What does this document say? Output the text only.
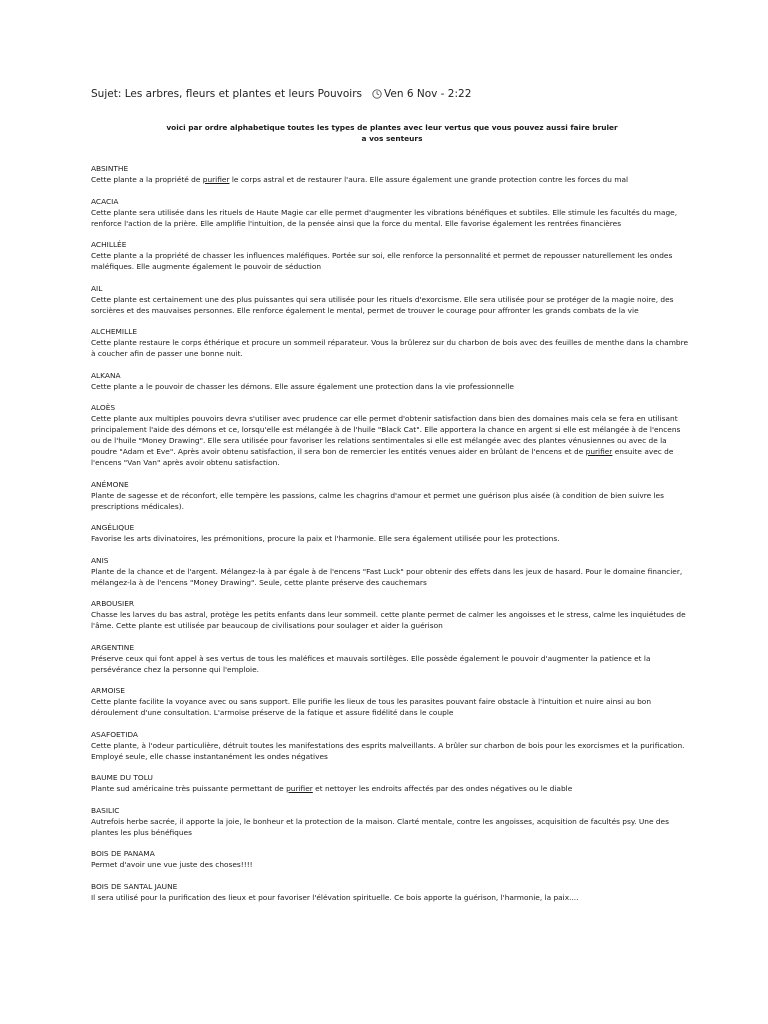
Sujet: Les arbres, fleurs et plantes et leurs Pouvoirs Ven 6 Nov - 2:22
voici par ordre alphabetique toutes les types de plantes avec leur vertus que vous pouvez aussi faire bruler
a vos senteurs
ABSINTHE
Cette plante a la propriété de purifier le corps astral et de restaurer l'aura. Elle assure également une grande protection contre les forces du mal
ACACIA
Cette plante sera utilisée dans les rituels de Haute Magie car elle permet d'augmenter les vibrations bénéfiques et subtiles. Elle stimule les facultés du mage, renforce l'action de la prière. Elle amplifie l'intuition, de la pensée ainsi que la force du mental. Elle favorise également les rentrées financières
ACHILLÉE
Cette plante a la propriété de chasser les influences maléfiques. Portée sur soi, elle renforce la personnalité et permet de repousser naturellement les ondes maléfiques. Elle augmente également le pouvoir de séduction
AIL
Cette plante est certainement une des plus puissantes qui sera utilisée pour les rituels d'exorcisme. Elle sera utilisée pour se protéger de la magie noire, des sorcières et des mauvaises personnes. Elle renforce également le mental, permet de trouver le courage pour affronter les grands combats de la vie
ALCHEMILLE
Cette plante restaure le corps éthérique et procure un sommeil réparateur. Vous la brûlerez sur du charbon de bois avec des feuilles de menthe dans la chambre à coucher afin de passer une bonne nuit.
ALKANA
Cette plante a le pouvoir de chasser les démons. Elle assure également une protection dans la vie professionnelle
ALOÈS
Cette plante aux multiples pouvoirs devra s'utiliser avec prudence car elle permet d'obtenir satisfaction dans bien des domaines mais cela se fera en utilisant principalement l'aide des démons et ce, lorsqu'elle est mélangée à de l'huile "Black Cat". Elle apportera la chance en argent si elle est mélangée à de l'encens ou de l'huile "Money Drawing". Elle sera utilisée pour favoriser les relations sentimentales si elle est mélangée avec des plantes vénusiennes ou avec de la poudre "Adam et Eve". Après avoir obtenu satisfaction, il sera bon de remercier les entités venues aider en brûlant de l'encens et de purifier ensuite avec de l'encens "Van Van" après avoir obtenu satisfaction.
ANÉMONE
Plante de sagesse et de réconfort, elle tempère les passions, calme les chagrins d'amour et permet une guérison plus aisée (à condition de bien suivre les prescriptions médicales).
ANGÉLIQUE
Favorise les arts divinatoires, les prémonitions, procure la paix et l'harmonie. Elle sera également utilisée pour les protections.
ANIS
Plante de la chance et de l'argent. Mélangez-la à par égale à de l'encens "Fast Luck" pour obtenir des effets dans les jeux de hasard. Pour le domaine financier, mélangez-la à de l'encens "Money Drawing". Seule, cette plante préserve des cauchemars
ARBOUSIER
Chasse les larves du bas astral, protège les petits enfants dans leur sommeil. cette plante permet de calmer les angoisses et le stress, calme les inquiétudes de l'âme. Cette plante est utilisée par beaucoup de civilisations pour soulager et aider la guérison
ARGENTINE
Préserve ceux qui font appel à ses vertus de tous les maléfices et mauvais sortilèges. Elle possède également le pouvoir d'augmenter la patience et la persévérance chez la personne qui l'emploie.
ARMOISE
Cette plante facilite la voyance avec ou sans support. Elle purifie les lieux de tous les parasites pouvant faire obstacle à l'intuition et nuire ainsi au bon déroulement d'une consultation. L'armoise préserve de la fatique et assure fidélité dans le couple
ASAFOETIDA
Cette plante, à l'odeur particulière, détruit toutes les manifestations des esprits malveillants. A brûler sur charbon de bois pour les exorcismes et la purification. Employé seule, elle chasse instantanément les ondes négatives
BAUME DU TOLU
Plante sud américaine très puissante permettant de purifier et nettoyer les endroits affectés par des ondes négatives ou le diable
BASILIC
Autrefois herbe sacrée, il apporte la joie, le bonheur et la protection de la maison. Clarté mentale, contre les angoisses, acquisition de facultés psy. Une des plantes les plus bénéfiques
BOIS DE PANAMA
Permet d'avoir une vue juste des choses!!!!
BOIS DE SANTAL JAUNE
Il sera utilisé pour la purification des lieux et pour favoriser l'élévation spirituelle. Ce bois apporte la guérison, l'harmonie, la paix....
